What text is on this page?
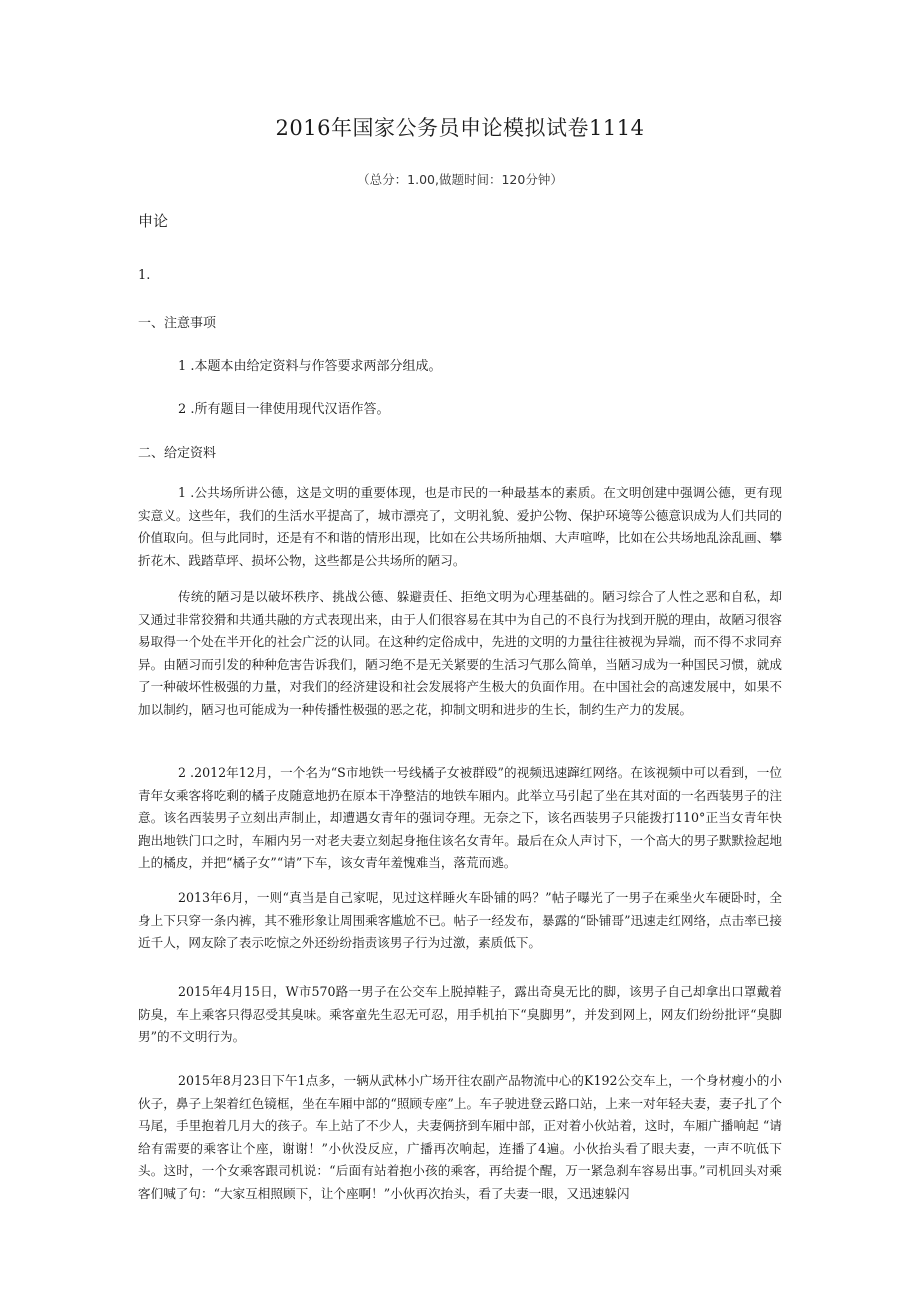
2016年国家公务员申论模拟试卷1114
（总分：1.00,做题时间：120分钟）
申论
1.
一、注意事项
1 .本题本由给定资料与作答要求两部分组成。
2 .所有题目一律使用现代汉语作答。
二、给定资料

1 .公共场所讲公德，这是文明的重要体现，也是市民的一种最基本的素质。在文明创建中强调公德，更有现实意义。这些年，我们的生活水平提高了，城市漂亮了，文明礼貌、爱护公物、保护环境等公德意识成为人们共同的价值取向。但与此同时，还是有不和谐的情形出现，比如在公共场所抽烟、大声喧哗，比如在公共场地乱涂乱画、攀折花木、践踏草坪、损坏公物，这些都是公共场所的陋习。

传统的陋习是以破坏秩序、挑战公德、躲避责任、拒绝文明为心理基础的。陋习综合了人性之恶和自私，却又通过非常狡猾和共通共融的方式表现出来，由于人们很容易在其中为自己的不良行为找到开脱的理由，故陋习很容易取得一个处在半开化的社会广泛的认同。在这种约定俗成中，先进的文明的力量往往被视为异端，而不得不求同弃异。由陋习而引发的种种危害告诉我们，陋习绝不是无关紧要的生活习气那么简单，当陋习成为一种国民习惯，就成了一种破坏性极强的力量，对我们的经济建设和社会发展将产生极大的负面作用。在中国社会的高速发展中，如果不加以制约，陋习也可能成为一种传播性极强的恶之花，抑制文明和进步的生长，制约生产力的发展。

2 .2012年12月，一个名为“S市地铁一号线橘子女被群殴”的视频迅速蹿红网络。在该视频中可以看到，一位青年女乘客将吃剩的橘子皮随意地扔在原本干净整洁的地铁车厢内。此举立马引起了坐在其对面的一名西装男子的注意。该名西装男子立刻出声制止，却遭遇女青年的强词夺理。无奈之下，该名西装男子只能拨打110°正当女青年快跑出地铁门口之时，车厢内另一对老夫妻立刻起身拖住该名女青年。最后在众人声讨下，一个高大的男子默默捡起地上的橘皮，并把“橘子女”“请”下车，该女青年羞愧难当，落荒而逃。

2013年6月，一则“真当是自己家呢，见过这样睡火车卧铺的吗？”帖子曝光了一男子在乘坐火车硬卧时，全身上下只穿一条内裤，其不雅形象让周围乘客尴尬不已。帖子一经发布，暴露的“卧铺哥”迅速走红网络，点击率已接近千人，网友除了表示吃惊之外还纷纷指责该男子行为过激，素质低下。

2015年4月15日，W市570路一男子在公交车上脱掉鞋子，露出奇臭无比的脚，该男子自己却拿出口罩戴着防臭，车上乘客只得忍受其臭味。乘客童先生忍无可忍，用手机拍下“臭脚男”，并发到网上，网友们纷纷批评“臭脚男”的不文明行为。

2015年8月23日下午1点多，一辆从武林小广场开往农副产品物流中心的K192公交车上，一个身材瘦小的小伙子，鼻子上架着红色镜框，坐在车厢中部的“照顾专座”上。车子驶进登云路口站，上来一对年轻夫妻，妻子扎了个马尾，手里抱着几月大的孩子。车上站了不少人，夫妻俩挤到车厢中部，正对着小伙站着，这时，车厢广播响起 “请给有需要的乘客让个座，谢谢！”小伙没反应，广播再次响起，连播了4遍。小伙抬头看了眼夫妻，一声不吭低下头。这时，一个女乘客跟司机说：“后面有站着抱小孩的乘客，再给提个醒，万一紧急刹车容易出事。”司机回头对乘客们喊了句：“大家互相照顾下，让个座啊！”小伙再次抬头，看了夫妻一眼，又迅速躲闪
